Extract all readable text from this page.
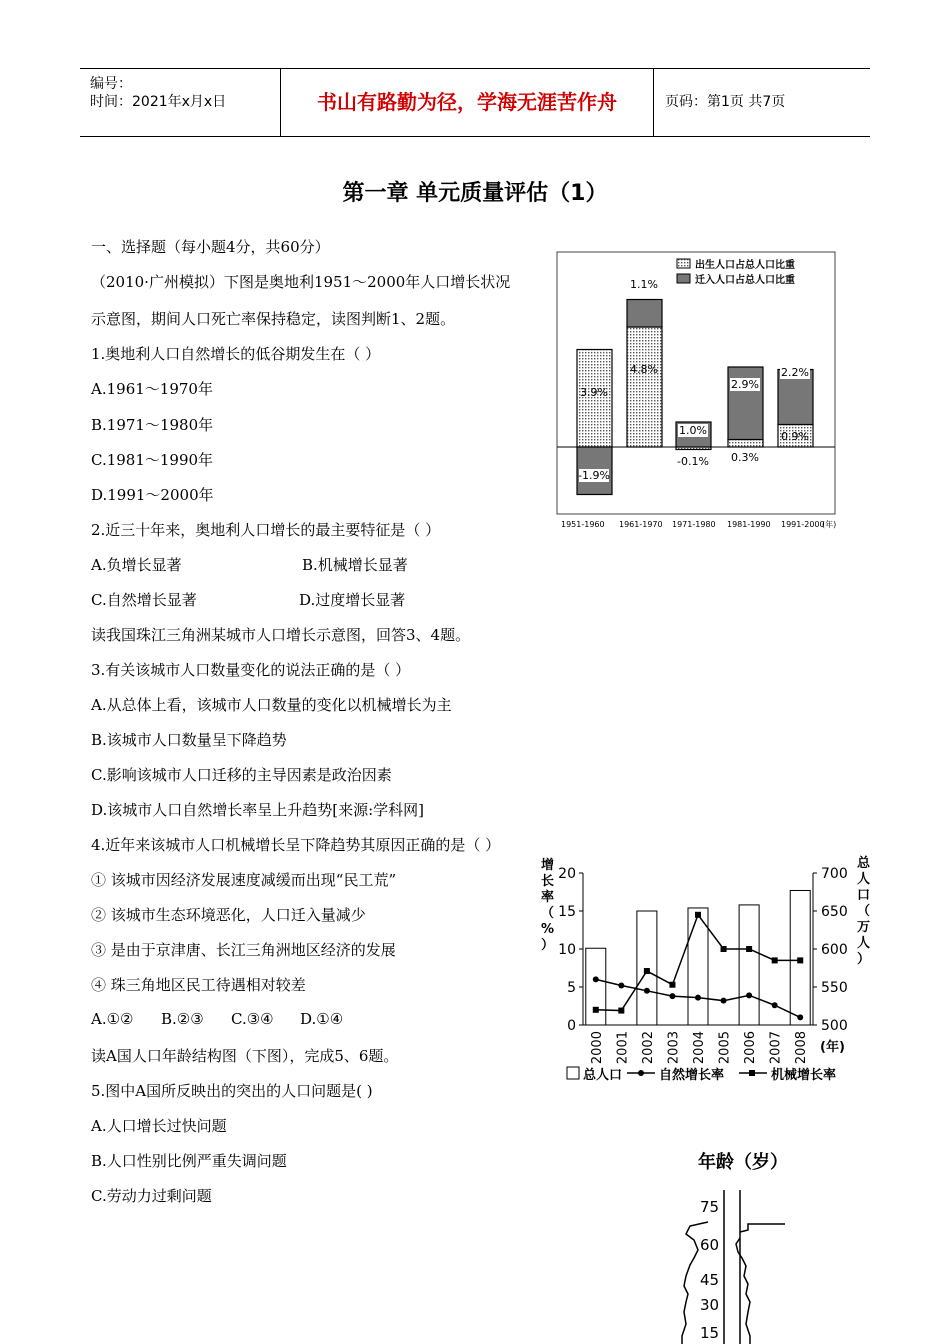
编号：
时间：2021年x月x日	书山有路勤为径，学海无涯苦作舟	页码：第1页 共7页
第一章 单元质量评估（1）
一、选择题（每小题4分，共60分）
（2010·广州模拟）下图是奥地利1951～2000年人口增长状况
示意图，期间人口死亡率保持稳定，读图判断1、2题。
1.奥地利人口自然增长的低谷期发生在（ ）
A.1961～1970年
B.1971～1980年
C.1981～1990年
D.1991～2000年
2.近三十年来，奥地利人口增长的最主要特征是（ ）
A.负增长显著	B.机械增长显著
C.自然增长显著	D.过度增长显著
读我国珠江三角洲某城市人口增长示意图，回答3、4题。
3.有关该城市人口数量变化的说法正确的是（ ）
A.从总体上看，该城市人口数量的变化以机械增长为主
B.该城市人口数量呈下降趋势
C.影响该城市人口迁移的主导因素是政治因素
D.该城市人口自然增长率呈上升趋势[来源:学科网]
4.近年来该城市人口机械增长呈下降趋势其原因正确的是（ ）
① 该城市因经济发展速度减缓而出现“民工荒”
② 该城市生态环境恶化，人口迁入量减少
③ 是由于京津唐、长江三角洲地区经济的发展
④ 珠三角地区民工待遇相对较差
A.①② B.②③ C.③④ D.①④
读A国人口年龄结构图（下图），完成5、6题。
5.图中A国所反映出的突出的人口问题是( )
A.人口增长过快问题
B.人口性别比例严重失调问题
C.劳动力过剩问题
出生人口占总人口比重
迁入人口占总人口比重
3.9%
-1.9%
4.8%
1.1%
1.0%
-0.1%
2.9%
0.3%
2.2%
0.9%
1951-1960 1961-1970 1971-1980 1981-1990 1991-2000
(年)
增长率（%）
总人口（万人）
0
5
10
15
20
500
550
600
650
700
2000 2001 2002 2003 2004 2005 2006 2007 2008 (年)
总人口	自然增长率	机械增长率
年龄（岁）
75
60
45
30
15
